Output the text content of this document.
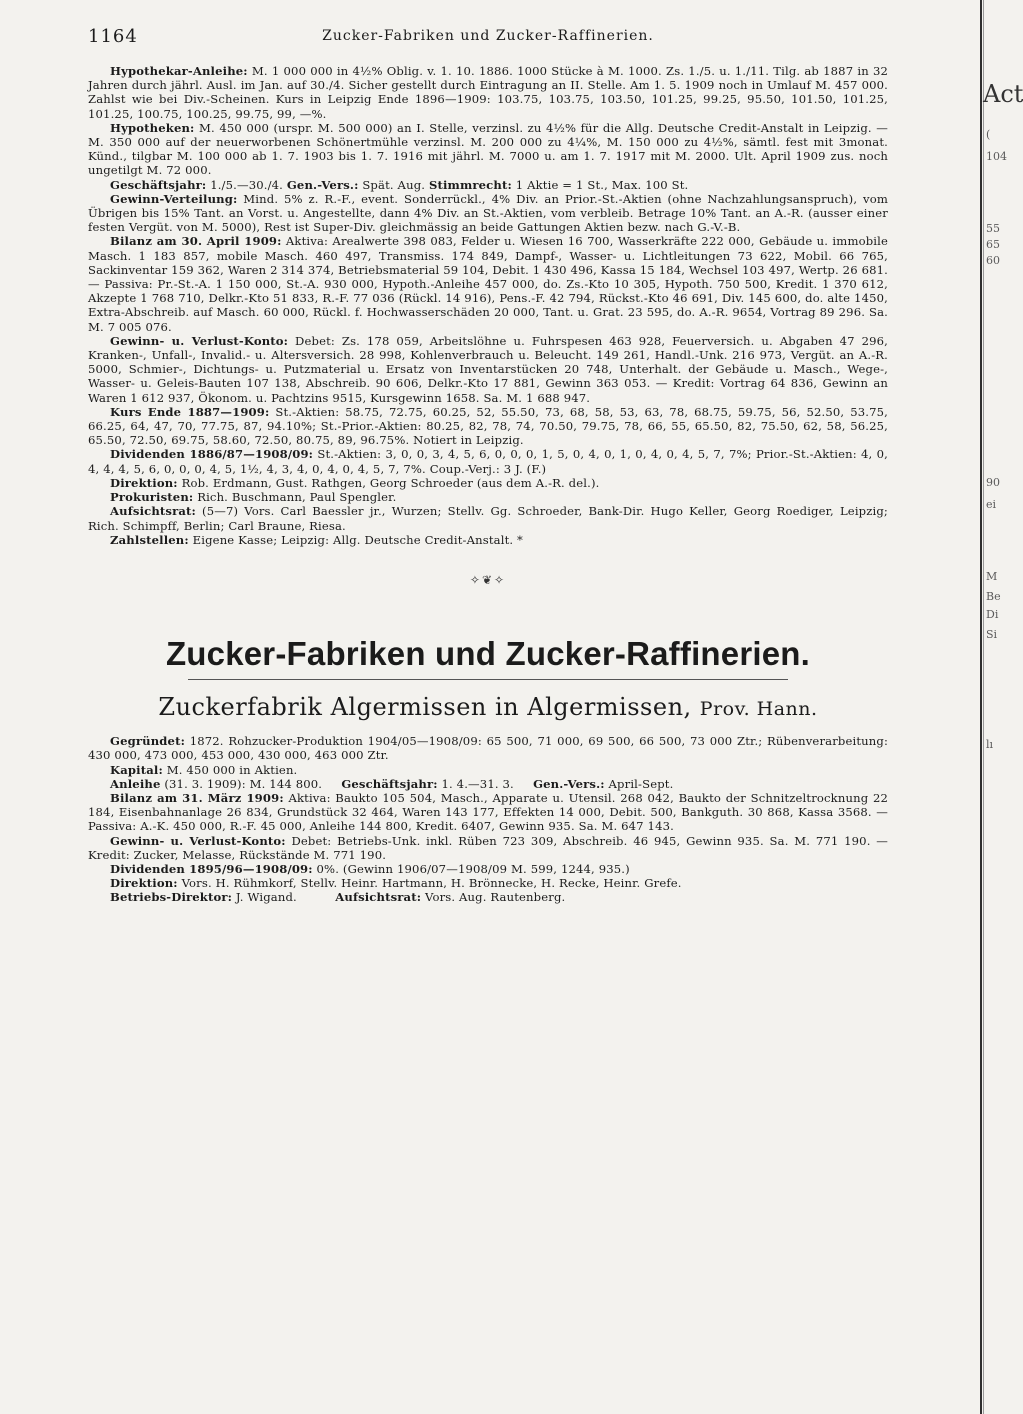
1164	Zucker-Fabriken und Zucker-Raffinerien.

Hypothekar-Anleihe: M. 1 000 000 in 4½% Oblig. v. 1. 10. 1886. 1000 Stücke à M. 1000. Zs. 1./5. u. 1./11. Tilg. ab 1887 in 32 Jahren durch jährl. Ausl. im Jan. auf 30./4. Sicher gestellt durch Eintragung an II. Stelle. Am 1. 5. 1909 noch in Umlauf M. 457 000. Zahlst wie bei Div.-Scheinen. Kurs in Leipzig Ende 1896—1909: 103.75, 103.75, 103.50, 101.25, 99.25, 95.50, 101.50, 101.25, 101.25, 100.75, 100.25, 99.75, 99, —%.

Hypotheken: M. 450 000 (urspr. M. 500 000) an I. Stelle, verzinsl. zu 4½% für die Allg. Deutsche Credit-Anstalt in Leipzig. — M. 350 000 auf der neuerworbenen Schönertmühle verzinsl. M. 200 000 zu 4¼%, M. 150 000 zu 4½%, sämtl. fest mit 3monat. Künd., tilgbar M. 100 000 ab 1. 7. 1903 bis 1. 7. 1916 mit jährl. M. 7000 u. am 1. 7. 1917 mit M. 2000. Ult. April 1909 zus. noch ungetilgt M. 72 000.

Geschäftsjahr: 1./5.—30./4. Gen.-Vers.: Spät. Aug. Stimmrecht: 1 Aktie = 1 St., Max. 100 St.

Gewinn-Verteilung: Mind. 5% z. R.-F., event. Sonderrückl., 4% Div. an Prior.-St.-Aktien (ohne Nachzahlungsanspruch), vom Übrigen bis 15% Tant. an Vorst. u. Angestellte, dann 4% Div. an St.-Aktien, vom verbleib. Betrage 10% Tant. an A.-R. (ausser einer festen Vergüt. von M. 5000), Rest ist Super-Div. gleichmässig an beide Gattungen Aktien bezw. nach G.-V.-B.

Bilanz am 30. April 1909: Aktiva: Arealwerte 398 083, Felder u. Wiesen 16 700, Wasserkräfte 222 000, Gebäude u. immobile Masch. 1 183 857, mobile Masch. 460 497, Transmiss. 174 849, Dampf-, Wasser- u. Lichtleitungen 73 622, Mobil. 66 765, Sackinventar 159 362, Waren 2 314 374, Betriebsmaterial 59 104, Debit. 1 430 496, Kassa 15 184, Wechsel 103 497, Wertp. 26 681. — Passiva: Pr.-St.-A. 1 150 000, St.-A. 930 000, Hypoth.-Anleihe 457 000, do. Zs.-Kto 10 305, Hypoth. 750 500, Kredit. 1 370 612, Akzepte 1 768 710, Delkr.-Kto 51 833, R.-F. 77 036 (Rückl. 14 916), Pens.-F. 42 794, Rückst.-Kto 46 691, Div. 145 600, do. alte 1450, Extra-Abschreib. auf Masch. 60 000, Rückl. f. Hochwasserschäden 20 000, Tant. u. Grat. 23 595, do. A.-R. 9654, Vortrag 89 296. Sa. M. 7 005 076.

Gewinn- u. Verlust-Konto: Debet: Zs. 178 059, Arbeitslöhne u. Fuhrspesen 463 928, Feuerversich. u. Abgaben 47 296, Kranken-, Unfall-, Invalid.- u. Altersversich. 28 998, Kohlenverbrauch u. Beleucht. 149 261, Handl.-Unk. 216 973, Vergüt. an A.-R. 5000, Schmier-, Dichtungs- u. Putzmaterial u. Ersatz von Inventarstücken 20 748, Unterhalt. der Gebäude u. Masch., Wege-, Wasser- u. Geleis-Bauten 107 138, Abschreib. 90 606, Delkr.-Kto 17 881, Gewinn 363 053. — Kredit: Vortrag 64 836, Gewinn an Waren 1 612 937, Ökonom. u. Pachtzins 9515, Kursgewinn 1658. Sa. M. 1 688 947.

Kurs Ende 1887—1909: St.-Aktien: 58.75, 72.75, 60.25, 52, 55.50, 73, 68, 58, 53, 63, 78, 68.75, 59.75, 56, 52.50, 53.75, 66.25, 64, 47, 70, 77.75, 87, 94.10%; St.-Prior.-Aktien: 80.25, 82, 78, 74, 70.50, 79.75, 78, 66, 55, 65.50, 82, 75.50, 62, 58, 56.25, 65.50, 72.50, 69.75, 58.60, 72.50, 80.75, 89, 96.75%. Notiert in Leipzig.

Dividenden 1886/87—1908/09: St.-Aktien: 3, 0, 0, 3, 4, 5, 6, 0, 0, 0, 1, 5, 0, 4, 0, 1, 0, 4, 0, 4, 5, 7, 7%; Prior.-St.-Aktien: 4, 0, 4, 4, 4, 5, 6, 0, 0, 0, 4, 5, 1½, 4, 3, 4, 0, 4, 0, 4, 5, 7, 7%. Coup.-Verj.: 3 J. (F.)

Direktion: Rob. Erdmann, Gust. Rathgen, Georg Schroeder (aus dem A.-R. del.).

Prokuristen: Rich. Buschmann, Paul Spengler.

Aufsichtsrat: (5—7) Vors. Carl Baessler jr., Wurzen; Stellv. Gg. Schroeder, Bank-Dir. Hugo Keller, Georg Roediger, Leipzig; Rich. Schimpff, Berlin; Carl Braune, Riesa.

Zahlstellen: Eigene Kasse; Leipzig: Allg. Deutsche Credit-Anstalt. *

✧❦✧
Zucker-Fabriken und Zucker-Raffinerien.
Zuckerfabrik Algermissen in Algermissen, Prov. Hann.

Gegründet: 1872. Rohzucker-Produktion 1904/05—1908/09: 65 500, 71 000, 69 500, 66 500, 73 000 Ztr.; Rübenverarbeitung: 430 000, 473 000, 453 000, 430 000, 463 000 Ztr.

Kapital: M. 450 000 in Aktien.

Anleihe (31. 3. 1909): M. 144 800. Geschäftsjahr: 1. 4.—31. 3. Gen.-Vers.: April-Sept.

Bilanz am 31. März 1909: Aktiva: Baukto 105 504, Masch., Apparate u. Utensil. 268 042, Baukto der Schnitzeltrocknung 22 184, Eisenbahnanlage 26 834, Grundstück 32 464, Waren 143 177, Effekten 14 000, Debit. 500, Bankguth. 30 868, Kassa 3568. — Passiva: A.-K. 450 000, R.-F. 45 000, Anleihe 144 800, Kredit. 6407, Gewinn 935. Sa. M. 647 143.

Gewinn- u. Verlust-Konto: Debet: Betriebs-Unk. inkl. Rüben 723 309, Abschreib. 46 945, Gewinn 935. Sa. M. 771 190. — Kredit: Zucker, Melasse, Rückstände M. 771 190.

Dividenden 1895/96—1908/09: 0%. (Gewinn 1906/07—1908/09 M. 599, 1244, 935.)

Direktion: Vors. H. Rühmkorf, Stellv. Heinr. Hartmann, H. Brönnecke, H. Recke, Heinr. Grefe.

Betriebs-Direktor: J. Wigand.	Aufsichtsrat: Vors. Aug. Rautenberg.

Act
(
104
55
65
60
90
ei
M
Be
Di
Si
lı
